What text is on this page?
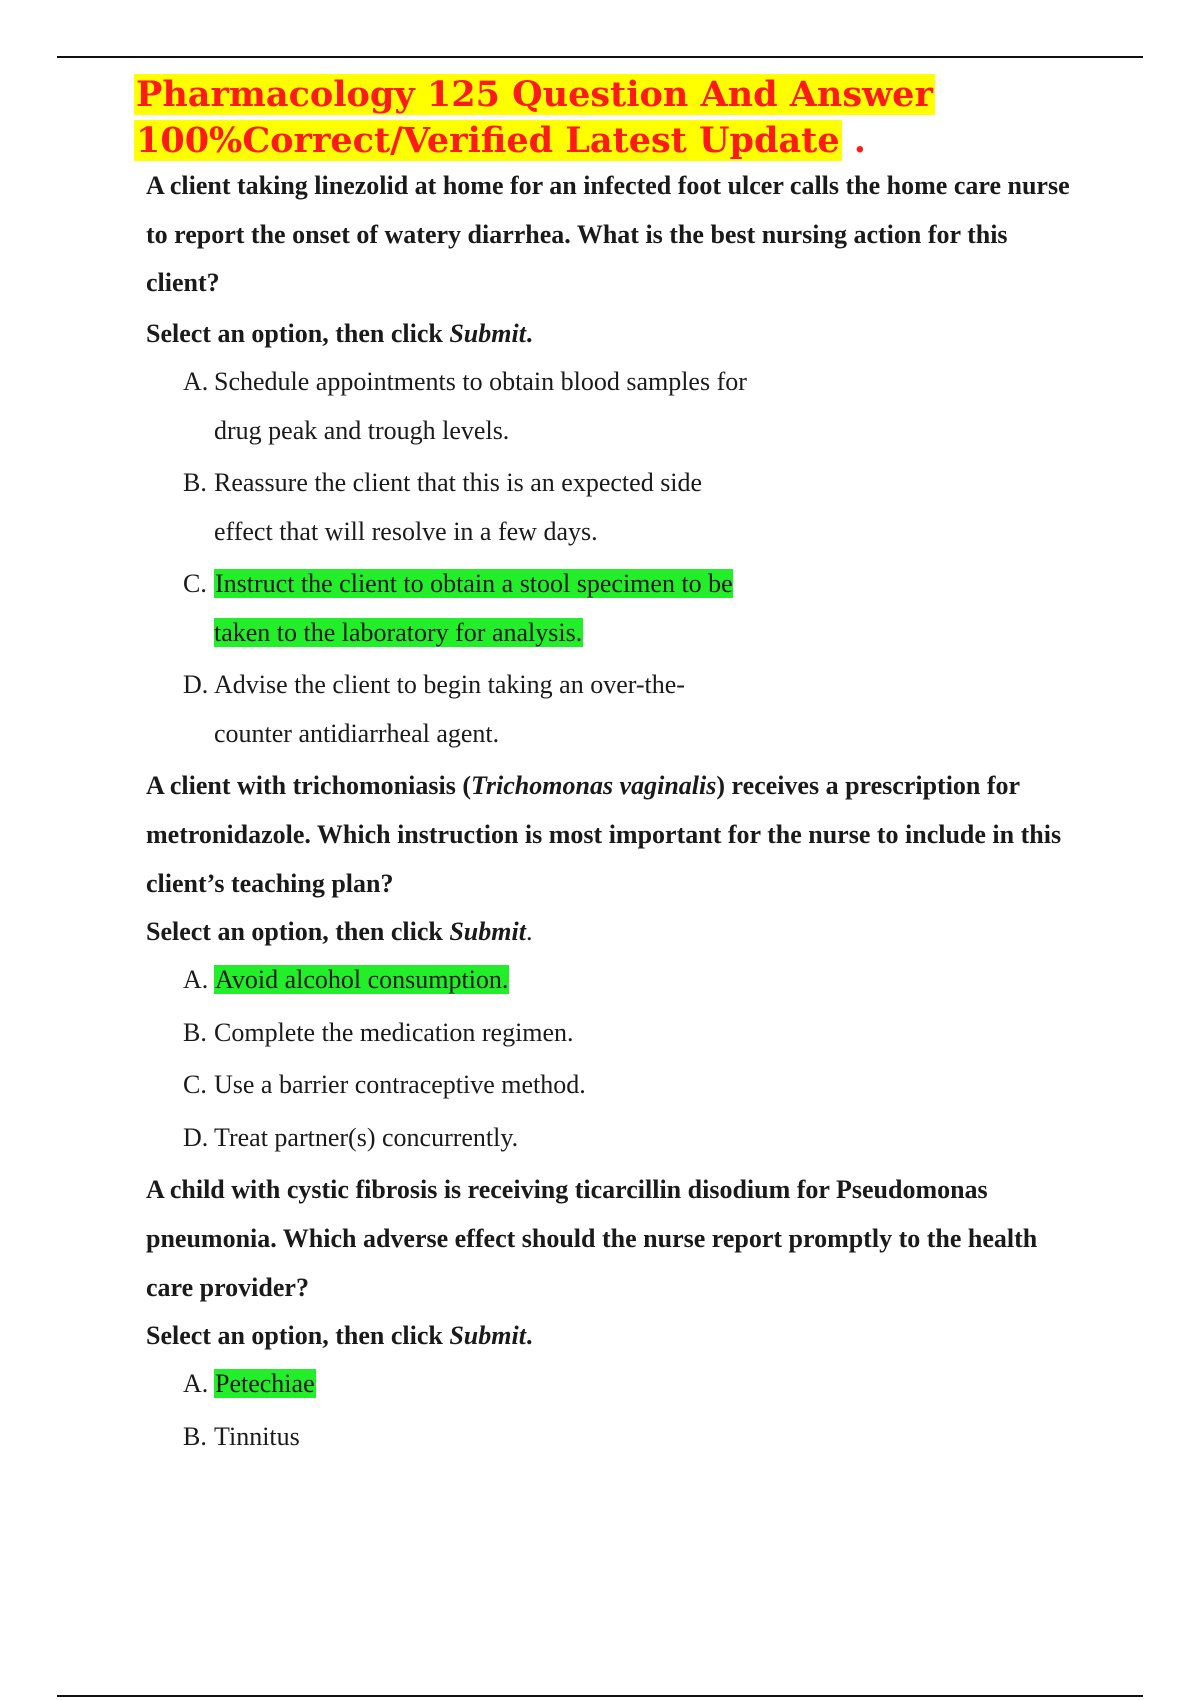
Pharmacology 125 Question And Answer
100%Correct/Verified Latest Update .

A client taking linezolid at home for an infected foot ulcer calls the home care nurse to report the onset of watery diarrhea. What is the best nursing action for this client?

Select an option, then click Submit.

A. Schedule appointments to obtain blood samples for drug peak and trough levels.
B. Reassure the client that this is an expected side effect that will resolve in a few days.
C. Instruct the client to obtain a stool specimen to be taken to the laboratory for analysis.
D. Advise the client to begin taking an over-the-counter antidiarrheal agent.

A client with trichomoniasis (Trichomonas vaginalis) receives a prescription for metronidazole. Which instruction is most important for the nurse to include in this client’s teaching plan?

Select an option, then click Submit.

A. Avoid alcohol consumption.
B. Complete the medication regimen.
C. Use a barrier contraceptive method.
D. Treat partner(s) concurrently.

A child with cystic fibrosis is receiving ticarcillin disodium for Pseudomonas pneumonia. Which adverse effect should the nurse report promptly to the health care provider?

Select an option, then click Submit.

A. Petechiae
B. Tinnitus
